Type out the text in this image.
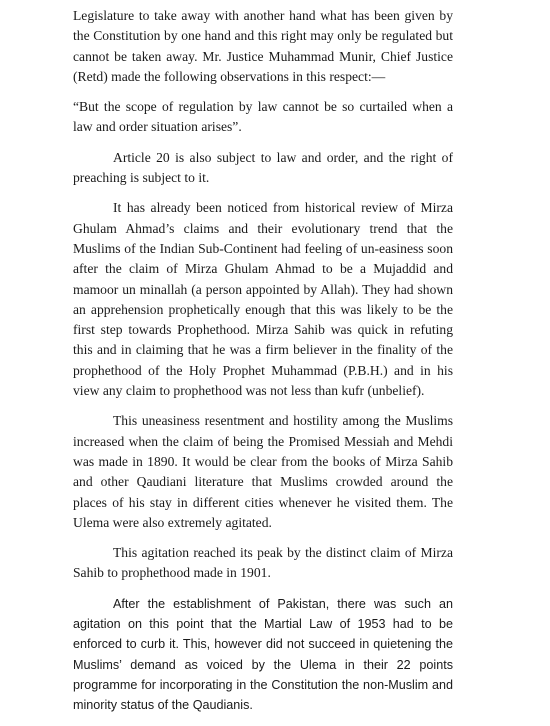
Legislature to take away with another hand what has been given by the Constitution by one hand and this right may only be regulated but cannot be taken away. Mr. Justice Muhammad Munir, Chief Justice (Retd) made the following observations in this respect:—

“But the scope of regulation by law cannot be so curtailed when a law and order situation arises”.

Article 20 is also subject to law and order, and the right of preaching is subject to it.

It has already been noticed from historical review of Mirza Ghulam Ahmad’s claims and their evolutionary trend that the Muslims of the Indian Sub-Continent had feeling of un-easiness soon after the claim of Mirza Ghulam Ahmad to be a Mujaddid and mamoor un minallah (a person appointed by Allah). They had shown an apprehension prophetically enough that this was likely to be the first step towards Prophethood. Mirza Sahib was quick in refuting this and in claiming that he was a firm believer in the finality of the prophethood of the Holy Prophet Muhammad (P.B.H.) and in his view any claim to prophethood was not less than kufr (unbelief).

This uneasiness resentment and hostility among the Muslims increased when the claim of being the Promised Messiah and Mehdi was made in 1890. It would be clear from the books of Mirza Sahib and other Qaudiani literature that Muslims crowded around the places of his stay in different cities whenever he visited them. The Ulema were also extremely agitated.

This agitation reached its peak by the distinct claim of Mirza Sahib to prophethood made in 1901.

After the establishment of Pakistan, there was such an agitation on this point that the Martial Law of 1953 had to be enforced to curb it. This, however did not succeed in quietening the Muslims’ demand as voiced by the Ulema in their 22 points programme for incorporating in the Constitution the non-Muslim and minority status of the Qaudianis.
